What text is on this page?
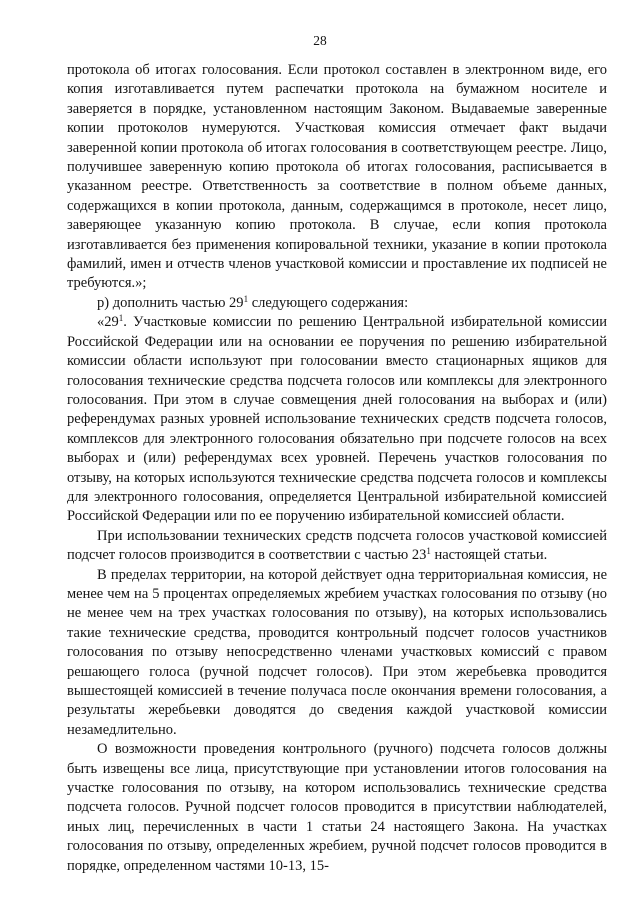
28

протокола об итогах голосования. Если протокол составлен в электронном виде, его копия изготавливается путем распечатки протокола на бумажном носителе и заверяется в порядке, установленном настоящим Законом. Выдаваемые заверенные копии протоколов нумеруются. Участковая комиссия отмечает факт выдачи заверенной копии протокола об итогах голосования в соответствующем реестре. Лицо, получившее заверенную копию протокола об итогах голосования, расписывается в указанном реестре. Ответственность за соответствие в полном объеме данных, содержащихся в копии протокола, данным, содержащимся в протоколе, несет лицо, заверяющее указанную копию протокола. В случае, если копия протокола изготавливается без применения копировальной техники, указание в копии протокола фамилий, имен и отчеств членов участковой комиссии и проставление их подписей не требуются.»;

р) дополнить частью $29^1$ следующего содержания:

«$29^1$. Участковые комиссии по решению Центральной избирательной комиссии Российской Федерации или на основании ее поручения по решению избирательной комиссии области используют при голосовании вместо стационарных ящиков для голосования технические средства подсчета голосов или комплексы для электронного голосования. При этом в случае совмещения дней голосования на выборах и (или) референдумах разных уровней использование технических средств подсчета голосов, комплексов для электронного голосования обязательно при подсчете голосов на всех выборах и (или) референдумах всех уровней. Перечень участков голосования по отзыву, на которых используются технические средства подсчета голосов и комплексы для электронного голосования, определяется Центральной избирательной комиссией Российской Федерации или по ее поручению избирательной комиссией области.

При использовании технических средств подсчета голосов участковой комиссией подсчет голосов производится в соответствии с частью $23^1$ настоящей статьи.

В пределах территории, на которой действует одна территориальная комиссия, не менее чем на 5 процентах определяемых жребием участках голосования по отзыву (но не менее чем на трех участках голосования по отзыву), на которых использовались такие технические средства, проводится контрольный подсчет голосов участников голосования по отзыву непосредственно членами участковых комиссий с правом решающего голоса (ручной подсчет голосов). При этом жеребьевка проводится вышестоящей комиссией в течение получаса после окончания времени голосования, а результаты жеребьевки доводятся до сведения каждой участковой комиссии незамедлительно.

О возможности проведения контрольного (ручного) подсчета голосов должны быть извещены все лица, присутствующие при установлении итогов голосования на участке голосования по отзыву, на котором использовались технические средства подсчета голосов. Ручной подсчет голосов проводится в присутствии наблюдателей, иных лиц, перечисленных в части 1 статьи 24 настоящего Закона. На участках голосования по отзыву, определенных жребием, ручной подсчет голосов проводится в порядке, определенном частями 10-13, 15-
